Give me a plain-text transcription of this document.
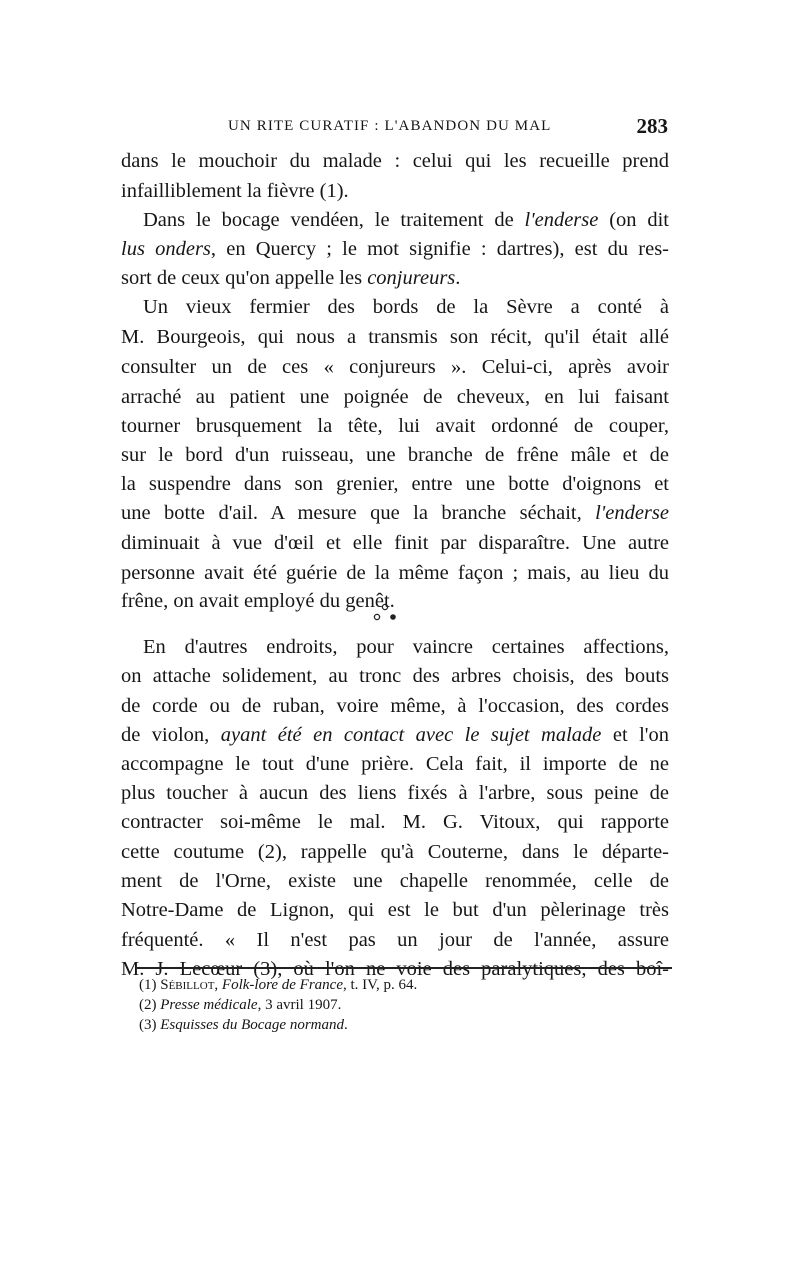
UN RITE CURATIF : L'ABANDON DU MAL	283
dans le mouchoir du malade : celui qui les recueille prend
infailliblement la fièvre (1).
Dans le bocage vendéen, le traitement de l'enderse (on dit
lus onders, en Quercy ; le mot signifie : dartres), est du res-
sort de ceux qu'on appelle les conjureurs.
Un vieux fermier des bords de la Sèvre a conté à
M. Bourgeois, qui nous a transmis son récit, qu'il était allé
consulter un de ces « conjureurs ». Celui-ci, après avoir
arraché au patient une poignée de cheveux, en lui faisant
tourner brusquement la tête, lui avait ordonné de couper,
sur le bord d'un ruisseau, une branche de frêne mâle et de
la suspendre dans son grenier, entre une botte d'oignons et
une botte d'ail. A mesure que la branche séchait, l'enderse
diminuait à vue d'œil et elle finit par disparaître. Une autre
personne avait été guérie de la même façon ; mais, au lieu du
frêne, on avait employé du genêt.
En d'autres endroits, pour vaincre certaines affections,
on attache solidement, au tronc des arbres choisis, des bouts
de corde ou de ruban, voire même, à l'occasion, des cordes
de violon, ayant été en contact avec le sujet malade et l'on
accompagne le tout d'une prière. Cela fait, il importe de ne
plus toucher à aucun des liens fixés à l'arbre, sous peine de
contracter soi-même le mal. M. G. Vitoux, qui rapporte
cette coutume (2), rappelle qu'à Couterne, dans le départe-
ment de l'Orne, existe une chapelle renommée, celle de
Notre-Dame de Lignon, qui est le but d'un pèlerinage très
fréquenté. « Il n'est pas un jour de l'année, assure
M. J. Lecœur (3), où l'on ne voie des paralytiques, des boî-
(1) Sébillot, Folk-lore de France, t. IV, p. 64.
(2) Presse médicale, 3 avril 1907.
(3) Esquisses du Bocage normand.
